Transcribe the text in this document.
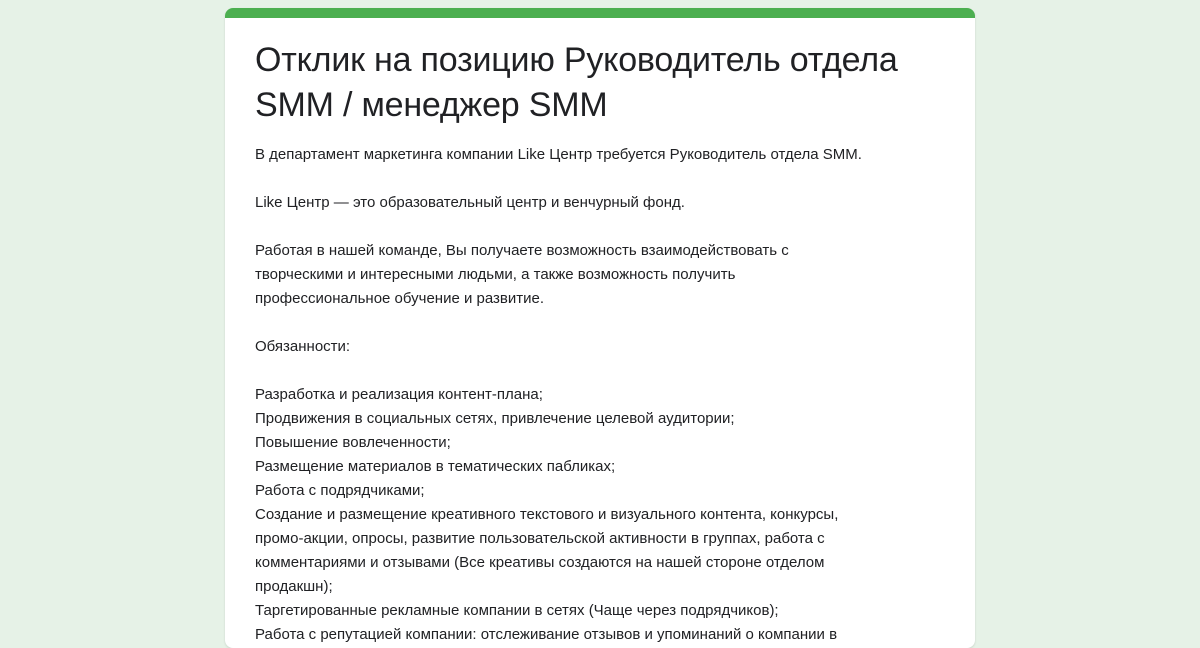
Отклик на позицию Руководитель отдела SMM / менеджер SMM

В департамент маркетинга компании Like Центр требуется Руководитель отдела SMM.

Like Центр — это образовательный центр и венчурный фонд.

Работая в нашей команде, Вы получаете возможность взаимодействовать с

творческими и интересными людьми, а также возможность получить

профессиональное обучение и развитие.

Обязанности:

Разработка и реализация контент-плана;

Продвижения в социальных сетях, привлечение целевой аудитории;

Повышение вовлеченности;

Размещение материалов в тематических пабликах;

Работа с подрядчиками;

Создание и размещение креативного текстового и визуального контента, конкурсы,

промо-акции, опросы, развитие пользовательской активности в группах, работа с

комментариями и отзывами (Все креативы создаются на нашей стороне отделом

продакшн);

Таргетированные рекламные компании в сетях (Чаще через подрядчиков);

Работа с репутацией компании: отслеживание отзывов и упоминаний о компании в
